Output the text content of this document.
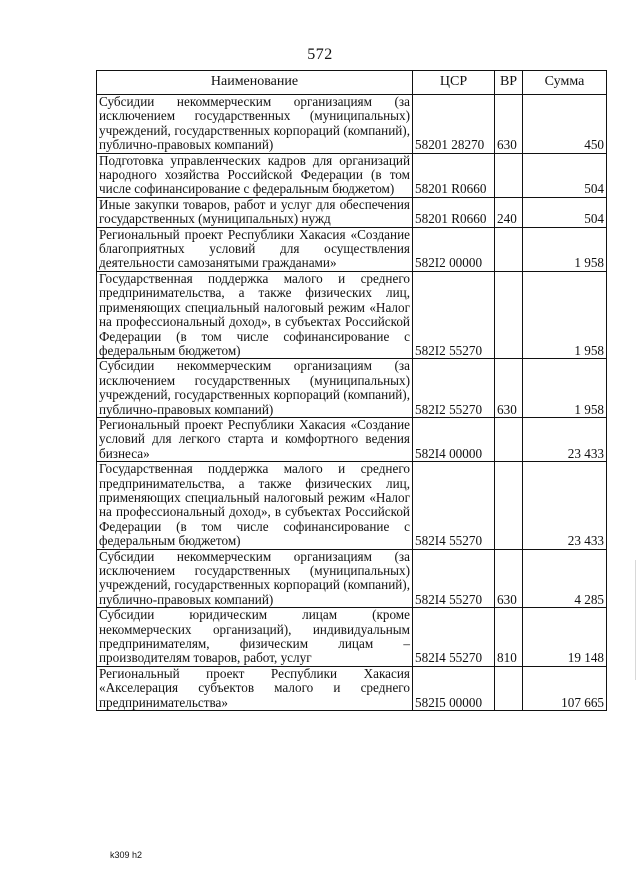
572
Наименование	ЦСР	ВР	Сумма
Субсидии некоммерческим организациям (за исключением государственных (муниципальных) учреждений, государственных корпораций (компаний), публично-правовых компаний)	58201 28270	630	450
Подготовка управленческих кадров для организаций народного хозяйства Российской Федерации (в том числе софинансирование с федеральным бюджетом)	58201 R0660		504
Иные закупки товаров, работ и услуг для обеспечения государственных (муниципальных) нужд	58201 R0660	240	504
Региональный проект Республики Хакасия «Создание благоприятных условий для осуществления деятельности самозанятыми гражданами»	582I2 00000		1 958
Государственная поддержка малого и среднего предпринимательства, а также физических лиц, применяющих специальный налоговый режим «Налог на профессиональный доход», в субъектах Российской Федерации (в том числе софинансирование с федеральным бюджетом)	582I2 55270		1 958
Субсидии некоммерческим организациям (за исключением государственных (муниципальных) учреждений, государственных корпораций (компаний), публично-правовых компаний)	582I2 55270	630	1 958
Региональный проект Республики Хакасия «Создание условий для легкого старта и комфортного ведения бизнеса»	582I4 00000		23 433
Государственная поддержка малого и среднего предпринимательства, а также физических лиц, применяющих специальный налоговый режим «Налог на профессиональный доход», в субъектах Российской Федерации (в том числе софинансирование с федеральным бюджетом)	582I4 55270		23 433
Субсидии некоммерческим организациям (за исключением государственных (муниципальных) учреждений, государственных корпораций (компаний), публично-правовых компаний)	582I4 55270	630	4 285
Субсидии юридическим лицам (кроме некоммерческих организаций), индивидуальным предпринимателям, физическим лицам – производителям товаров, работ, услуг	582I4 55270	810	19 148
Региональный проект Республики Хакасия «Акселерация субъектов малого и среднего предпринимательства»	582I5 00000		107 665
k309 h2
